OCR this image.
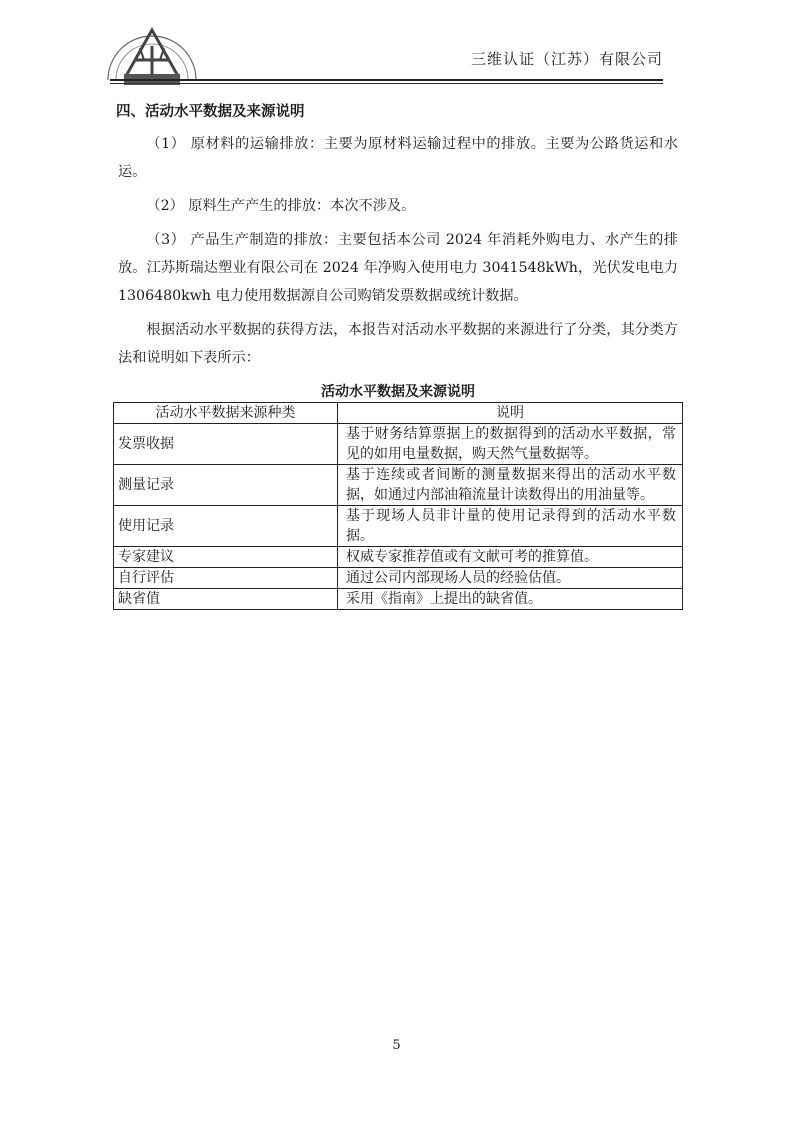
三维认证（江苏）有限公司
四、活动水平数据及来源说明

（1） 原材料的运输排放：主要为原材料运输过程中的排放。主要为公路货运和水运。

（2） 原料生产产生的排放：本次不涉及。

（3） 产品生产制造的排放：主要包括本公司 2024 年消耗外购电力、水产生的排放。江苏斯瑞达塑业有限公司在 2024 年净购入使用电力 3041548kWh，光伏发电电力 1306480kwh 电力使用数据源自公司购销发票数据或统计数据。

根据活动水平数据的获得方法，本报告对活动水平数据的来源进行了分类，其分类方法和说明如下表所示：

活动水平数据及来源说明
活动水平数据来源种类	说明
发票收据	基于财务结算票据上的数据得到的活动水平数据，常见的如用电量数据，购天然气量数据等。
测量记录	基于连续或者间断的测量数据来得出的活动水平数据，如通过内部油箱流量计读数得出的用油量等。
使用记录	基于现场人员非计量的使用记录得到的活动水平数据。
专家建议	权威专家推荐值或有文献可考的推算值。
自行评估	通过公司内部现场人员的经验估值。
缺省值	采用《指南》上提出的缺省值。
5
